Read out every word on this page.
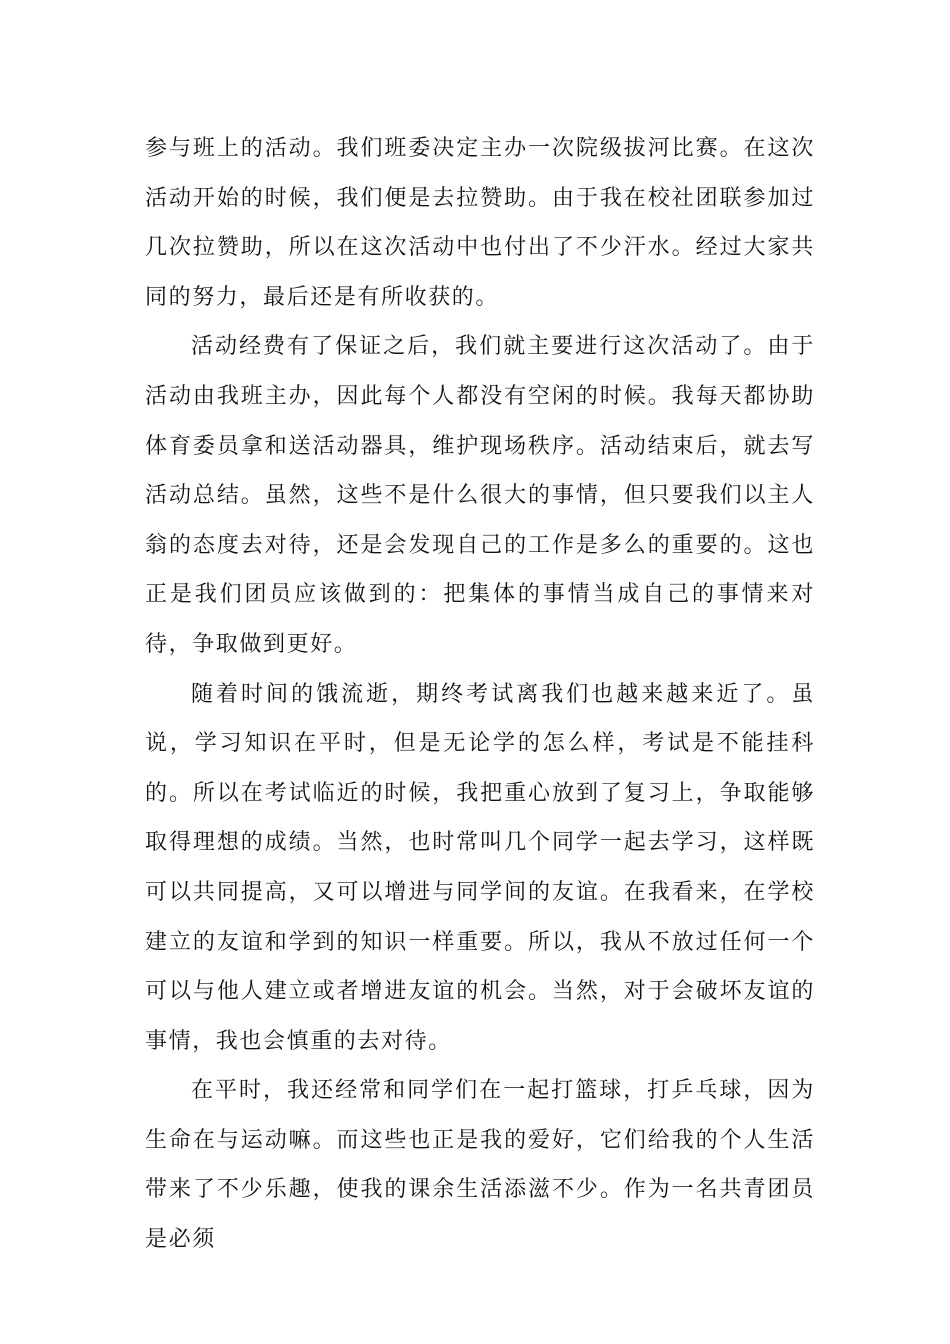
参与班上的活动。我们班委决定主办一次院级拔河比赛。在这次活动开始的时候，我们便是去拉赞助。由于我在校社团联参加过几次拉赞助，所以在这次活动中也付出了不少汗水。经过大家共同的努力，最后还是有所收获的。

活动经费有了保证之后，我们就主要进行这次活动了。由于活动由我班主办，因此每个人都没有空闲的时候。我每天都协助体育委员拿和送活动器具，维护现场秩序。活动结束后，就去写活动总结。虽然，这些不是什么很大的事情，但只要我们以主人翁的态度去对待，还是会发现自己的工作是多么的重要的。这也正是我们团员应该做到的：把集体的事情当成自己的事情来对待，争取做到更好。

随着时间的饿流逝，期终考试离我们也越来越来近了。虽说，学习知识在平时，但是无论学的怎么样，考试是不能挂科的。所以在考试临近的时候，我把重心放到了复习上，争取能够取得理想的成绩。当然，也时常叫几个同学一起去学习，这样既可以共同提高，又可以增进与同学间的友谊。在我看来，在学校建立的友谊和学到的知识一样重要。所以，我从不放过任何一个可以与他人建立或者增进友谊的机会。当然，对于会破坏友谊的事情，我也会慎重的去对待。

在平时，我还经常和同学们在一起打篮球，打乒乓球，因为生命在与运动嘛。而这些也正是我的爱好，它们给我的个人生活带来了不少乐趣，使我的课余生活添滋不少。作为一名共青团员是必须
